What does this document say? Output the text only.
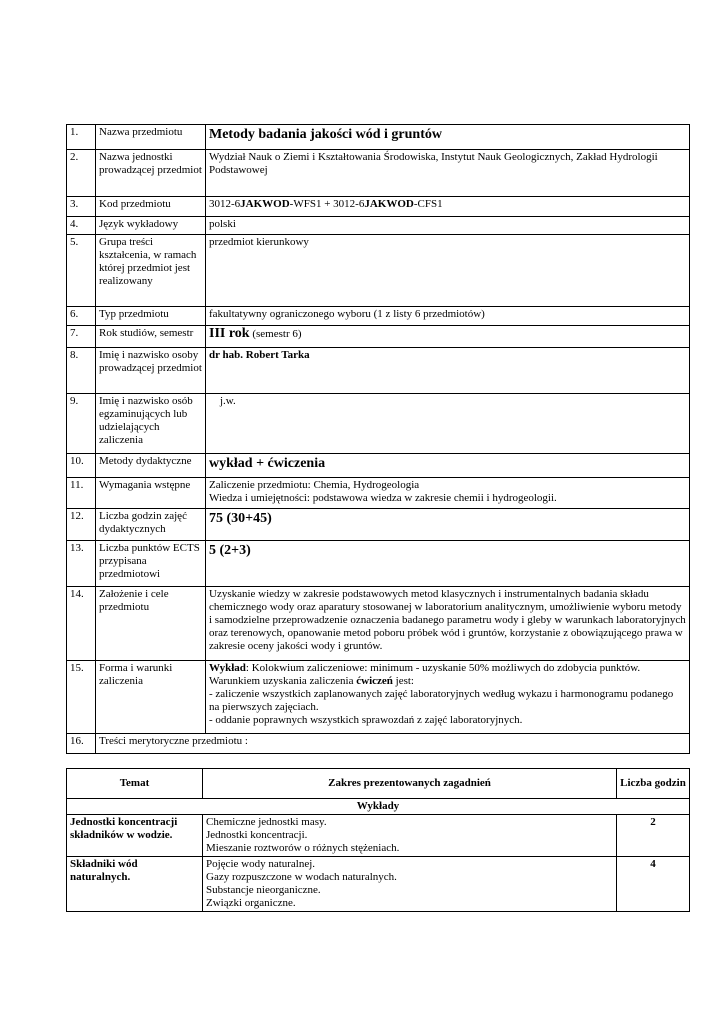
1.	Nazwa przedmiotu	Metody badania jakości wód i gruntów
2.	Nazwa jednostki prowadzącej przedmiot	Wydział Nauk o Ziemi i Kształtowania Środowiska, Instytut Nauk Geologicznych, Zakład Hydrologii Podstawowej
3.	Kod przedmiotu	3012-6JAKWOD-WFS1 + 3012-6JAKWOD-CFS1
4.	Język wykładowy	polski
5.	Grupa treści kształcenia, w ramach której przedmiot jest realizowany	przedmiot kierunkowy
6.	Typ przedmiotu	fakultatywny ograniczonego wyboru (1 z listy 6 przedmiotów)
7.	Rok studiów, semestr	III rok (semestr 6)
8.	Imię i nazwisko osoby prowadzącej przedmiot	dr hab. Robert Tarka
9.	Imię i nazwisko osób egzaminujących lub udzielających zaliczenia	j.w.
10.	Metody dydaktyczne	wykład + ćwiczenia
11.	Wymagania wstępne	Zaliczenie przedmiotu: Chemia, Hydrogeologia
Wiedza i umiejętności: podstawowa wiedza w zakresie chemii i hydrogeologii.

12.	Liczba godzin zajęć dydaktycznych	75 (30+45)
13.	Liczba punktów ECTS przypisana przedmiotowi	5 (2+3)
14.	Założenie i cele przedmiotu	Uzyskanie wiedzy w zakresie podstawowych metod klasycznych i instrumentalnych badania składu chemicznego wody oraz aparatury stosowanej w laboratorium analitycznym, umożliwienie wyboru metody i samodzielne przeprowadzenie oznaczenia badanego parametru wody i gleby w warunkach laboratoryjnych oraz terenowych, opanowanie metod poboru próbek wód i gruntów, korzystanie z obowiązującego prawa w zakresie oceny jakości wody i gruntów.
15.	Forma i warunki zaliczenia	Wykład: Kolokwium zaliczeniowe: minimum - uzyskanie 50% możliwych do zdobycia punktów.
Warunkiem uzyskania zaliczenia ćwiczeń jest:
- zaliczenie wszystkich zaplanowanych zajęć laboratoryjnych według wykazu i harmonogramu podanego na pierwszych zajęciach.
- oddanie poprawnych wszystkich sprawozdań z zajęć laboratoryjnych.

16.	Treści merytoryczne przedmiotu :	
Temat	Zakres prezentowanych zagadnień	Liczba godzin
Wykłady		
Jednostki koncentracji składników w wodzie.	Chemiczne jednostki masy.
Jednostki koncentracji.
Mieszanie roztworów o różnych stężeniach.	2
Składniki wód naturalnych.	Pojęcie wody naturalnej.
Gazy rozpuszczone w wodach naturalnych.
Substancje nieorganiczne.
Związki organiczne.	4
